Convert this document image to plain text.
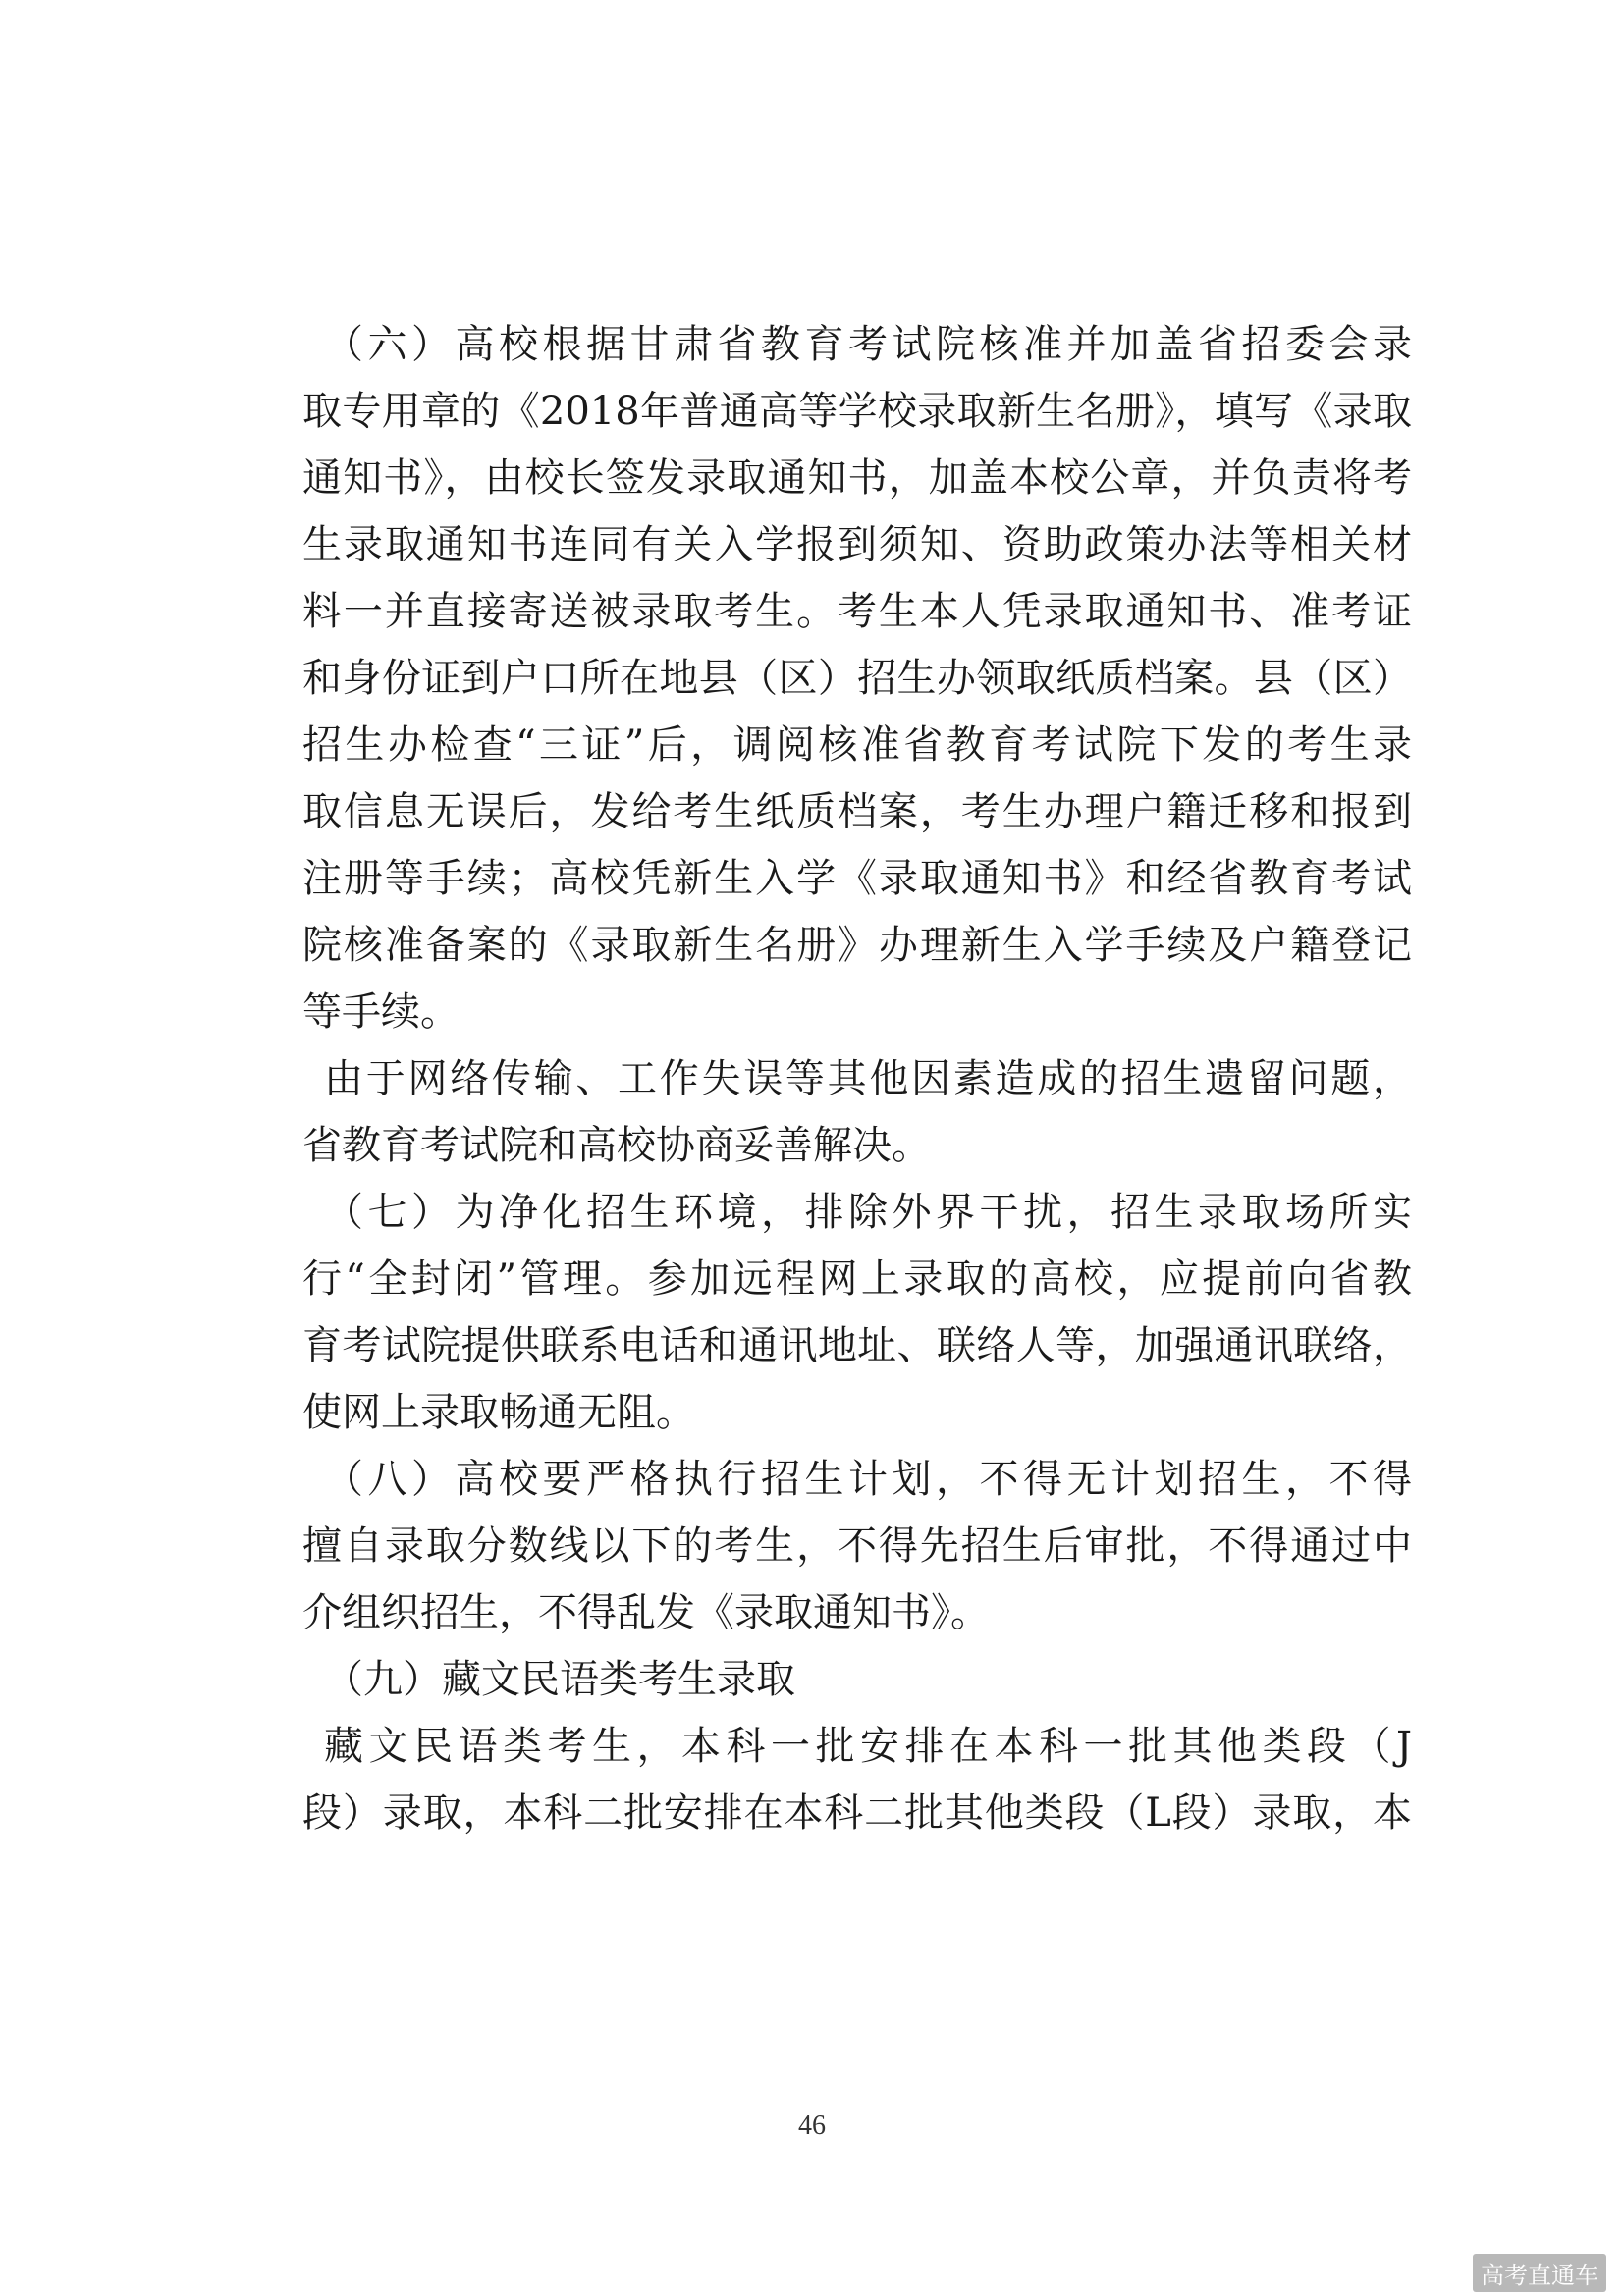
（六）高校根据甘肃省教育考试院核准并加盖省招委会录
取专用章的《2018年普通高等学校录取新生名册》，填写《录取
通知书》，由校长签发录取通知书，加盖本校公章，并负责将考
生录取通知书连同有关入学报到须知、资助政策办法等相关材
料一并直接寄送被录取考生。考生本人凭录取通知书、准考证
和身份证到户口所在地县（区）招生办领取纸质档案。县（区）
招生办检查“三证”后，调阅核准省教育考试院下发的考生录
取信息无误后，发给考生纸质档案，考生办理户籍迁移和报到
注册等手续；高校凭新生入学《录取通知书》和经省教育考试
院核准备案的《录取新生名册》办理新生入学手续及户籍登记
等手续。
由于网络传输、工作失误等其他因素造成的招生遗留问题，
省教育考试院和高校协商妥善解决。
（七）为净化招生环境，排除外界干扰，招生录取场所实
行“全封闭”管理。参加远程网上录取的高校，应提前向省教
育考试院提供联系电话和通讯地址、联络人等，加强通讯联络，
使网上录取畅通无阻。
（八）高校要严格执行招生计划，不得无计划招生，不得
擅自录取分数线以下的考生，不得先招生后审批，不得通过中
介组织招生，不得乱发《录取通知书》。
（九）藏文民语类考生录取
藏文民语类考生，本科一批安排在本科一批其他类段（J
段）录取，本科二批安排在本科二批其他类段（L段）录取，本
46
高考直通车
